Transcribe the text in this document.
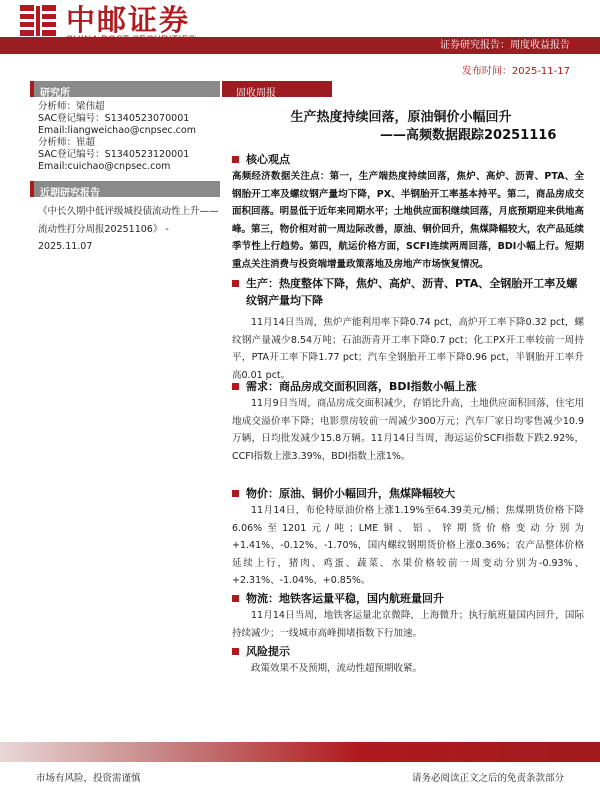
中邮证券
证券研究报告：周度收益报告
发布时间：2025-11-17
研究所
分析师：梁伟超
SAC登记编号：S1340523070001
Email:liangweichao@cnpsec.com
分析师：崔超
SAC登记编号：S1340523120001
Email:cuichao@cnpsec.com
近期研究报告
《中长久期中低评级城投债流动性上升——流动性打分周报20251106》 - 2025.11.07
固收周报
生产热度持续回落，原油铜价小幅回升
——高频数据跟踪20251116
核心观点
高频经济数据关注点：第一，生产端热度持续回落，焦炉、高炉、沥青、PTA、全钢胎开工率及螺纹钢产量均下降，PX、半钢胎开工率基本持平。第二，商品房成交面积回落。明显低于近年来同期水平；土地供应面积继续回落，月底预期迎来供地高峰。第三，物价相对前一周边际改善，原油、铜价回升，焦煤降幅较大，农产品延续季节性上行趋势。第四，航运价格方面，SCFI连续两周回落，BDI小幅上行。短期重点关注消费与投资端增量政策落地及房地产市场恢复情况。
生产：热度整体下降，焦炉、高炉、沥青、PTA、全钢胎开工率及螺纹钢产量均下降
11月14日当周，焦炉产能利用率下降0.74 pct，高炉开工率下降0.32 pct，螺纹钢产量减少8.54万吨；石油沥青开工率下降0.7 pct；化工PX开工率较前一周持平，PTA开工率下降1.77 pct；汽车全钢胎开工率下降0.96 pct，半钢胎开工率升高0.01 pct。
需求：商品房成交面积回落，BDI指数小幅上涨
11月9日当周，商品房成交面积减少，存销比升高，土地供应面积回落，住宅用地成交溢价率下降；电影票房较前一周减少300万元；汽车厂家日均零售减少10.9万辆，日均批发减少15.8万辆。11月14日当周，海运运价SCFI指数下跌2.92%，CCFI指数上涨3.39%，BDI指数上涨1%。
物价：原油、铜价小幅回升，焦煤降幅较大
11月14日，布伦特原油价格上涨1.19%至64.39美元/桶；焦煤期货价格下降6.06%至1201元/吨；LME铜、铝、锌期货价格变动分别为+1.41%、-0.12%、-1.70%，国内螺纹钢期货价格上涨0.36%；农产品整体价格延续上行，猪肉、鸡蛋、蔬菜、水果价格较前一周变动分别为-0.93%、+2.31%、-1.04%、+0.85%。
物流：地铁客运量平稳，国内航班量回升
11月14日当周，地铁客运量北京微降，上海微升；执行航班量国内回升，国际持续减少；一线城市高峰拥堵指数下行加速。
风险提示
政策效果不及预期，流动性超预期收紧。
市场有风险，投资需谨慎	请务必阅读正文之后的免责条款部分
